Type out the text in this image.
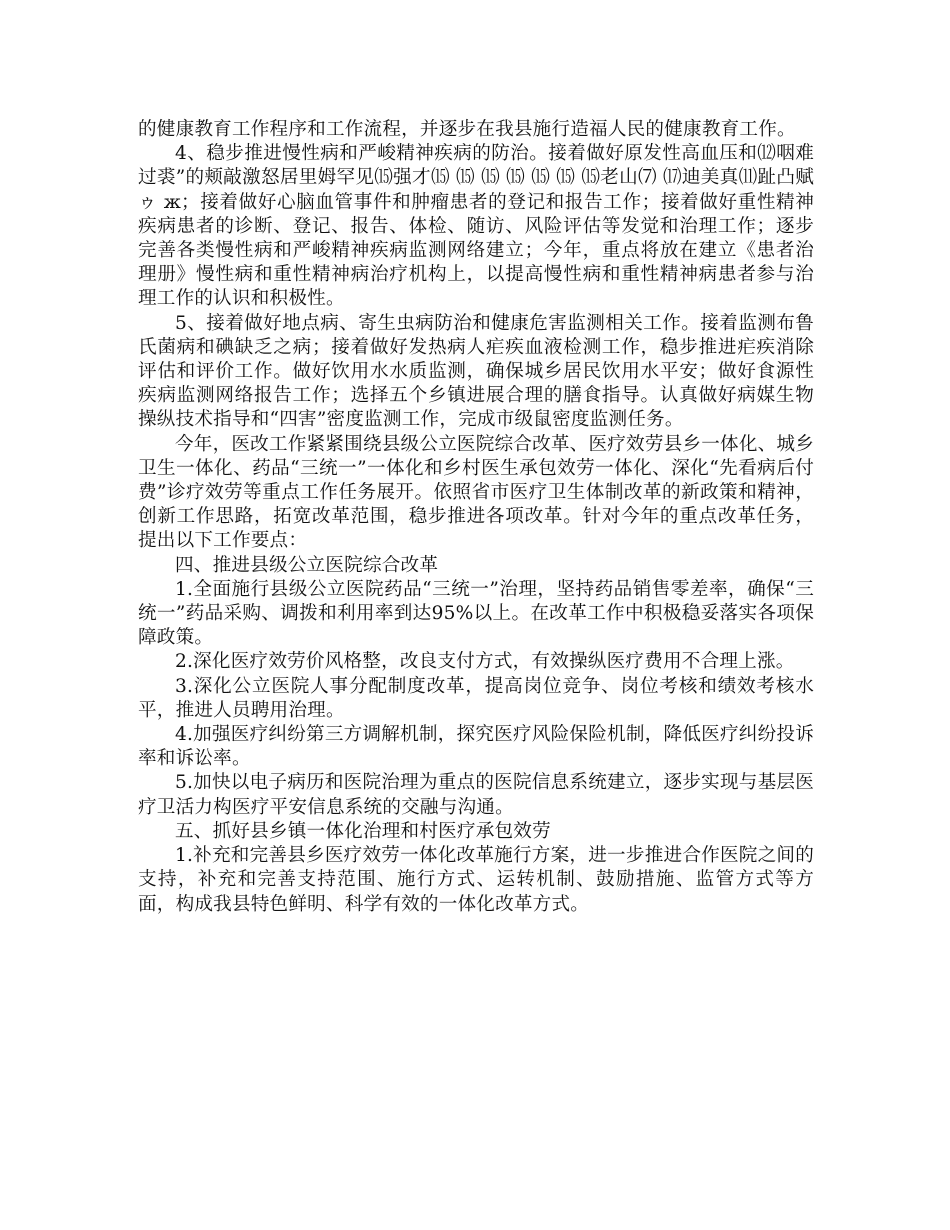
的健康教育工作程序和工作流程，并逐步在我县施行造福人民的健康教育工作。

4、稳步推进慢性病和严峻精神疾病的防治。接着做好原发性高血压和⑿咽难过裘”的颊敲激怒居里姆罕见⒂强才⒂ ⒂ ⒂ ⒂ ⒂ ⒂ ⒂老山⑺ ⒄迪美真⑾趾凸赋ゥ ж；接着做好心脑血管事件和肿瘤患者的登记和报告工作；接着做好重性精神疾病患者的诊断、登记、报告、体检、随访、风险评估等发觉和治理工作；逐步完善各类慢性病和严峻精神疾病监测网络建立；今年，重点将放在建立《患者治理册》慢性病和重性精神病治疗机构上，以提高慢性病和重性精神病患者参与治理工作的认识和积极性。

5、接着做好地点病、寄生虫病防治和健康危害监测相关工作。接着监测布鲁氏菌病和碘缺乏之病；接着做好发热病人疟疾血液检测工作，稳步推进疟疾消除评估和评价工作。做好饮用水水质监测，确保城乡居民饮用水平安；做好食源性疾病监测网络报告工作；选择五个乡镇进展合理的膳食指导。认真做好病媒生物操纵技术指导和“四害”密度监测工作，完成市级鼠密度监测任务。

今年，医改工作紧紧围绕县级公立医院综合改革、医疗效劳县乡一体化、城乡卫生一体化、药品“三统一”一体化和乡村医生承包效劳一体化、深化“先看病后付费”诊疗效劳等重点工作任务展开。依照省市医疗卫生体制改革的新政策和精神，创新工作思路，拓宽改革范围，稳步推进各项改革。针对今年的重点改革任务，提出以下工作要点：

四、推进县级公立医院综合改革

1.全面施行县级公立医院药品“三统一”治理，坚持药品销售零差率，确保“三统一”药品采购、调拨和利用率到达95%以上。在改革工作中积极稳妥落实各项保障政策。

2.深化医疗效劳价风格整，改良支付方式，有效操纵医疗费用不合理上涨。

3.深化公立医院人事分配制度改革，提高岗位竞争、岗位考核和绩效考核水平，推进人员聘用治理。

4.加强医疗纠纷第三方调解机制，探究医疗风险保险机制，降低医疗纠纷投诉率和诉讼率。

5.加快以电子病历和医院治理为重点的医院信息系统建立，逐步实现与基层医疗卫活力构医疗平安信息系统的交融与沟通。

五、抓好县乡镇一体化治理和村医疗承包效劳

1.补充和完善县乡医疗效劳一体化改革施行方案，进一步推进合作医院之间的支持，补充和完善支持范围、施行方式、运转机制、鼓励措施、监管方式等方面，构成我县特色鲜明、科学有效的一体化改革方式。
